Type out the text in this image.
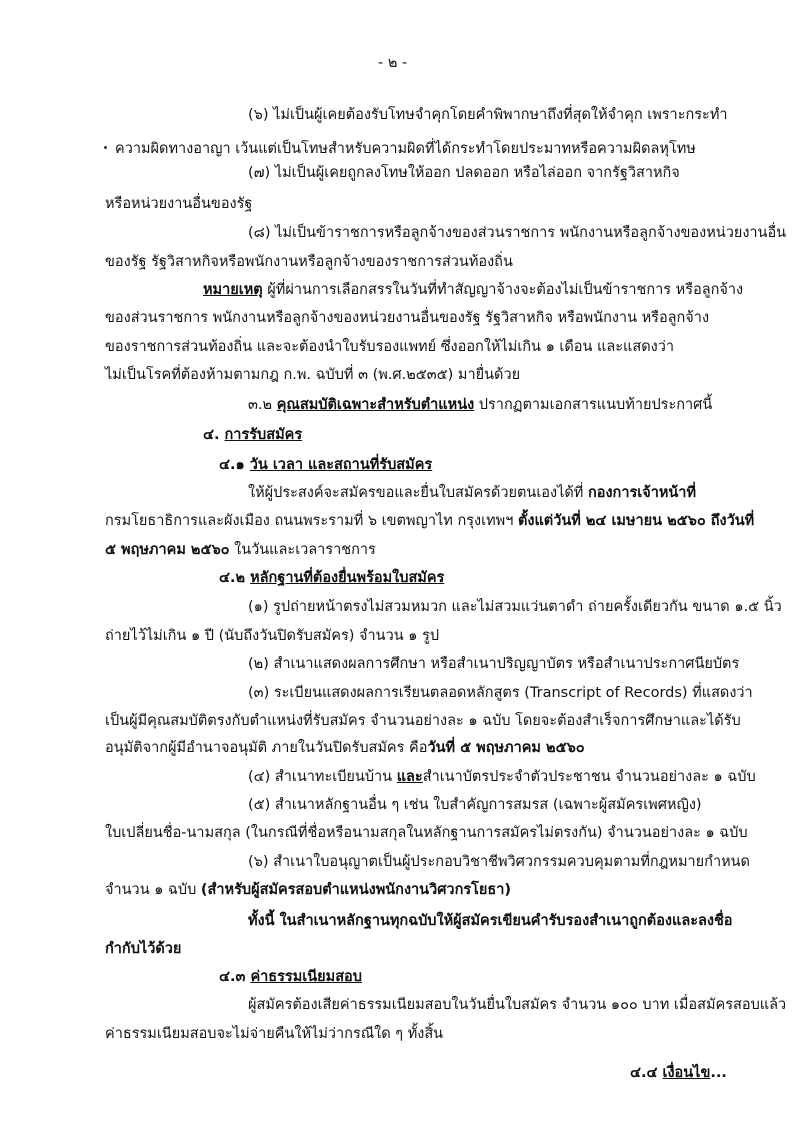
- ๒ -
(๖) ไม่เป็นผู้เคยต้องรับโทษจำคุกโดยคำพิพากษาถึงที่สุดให้จำคุก เพราะกระทำ
ความผิดทางอาญา เว้นแต่เป็นโทษสำหรับความผิดที่ได้กระทำโดยประมาทหรือความผิดลหุโทษ
(๗) ไม่เป็นผู้เคยถูกลงโทษให้ออก ปลดออก หรือไล่ออก จากรัฐวิสาหกิจ
หรือหน่วยงานอื่นของรัฐ
(๘) ไม่เป็นข้าราชการหรือลูกจ้างของส่วนราชการ พนักงานหรือลูกจ้างของหน่วยงานอื่น
ของรัฐ รัฐวิสาหกิจหรือพนักงานหรือลูกจ้างของราชการส่วนท้องถิ่น
หมายเหตุ ผู้ที่ผ่านการเลือกสรรในวันที่ทำสัญญาจ้างจะต้องไม่เป็นข้าราชการ หรือลูกจ้าง
ของส่วนราชการ พนักงานหรือลูกจ้างของหน่วยงานอื่นของรัฐ รัฐวิสาหกิจ หรือพนักงาน หรือลูกจ้าง
ของราชการส่วนท้องถิ่น และจะต้องนำใบรับรองแพทย์ ซึ่งออกให้ไม่เกิน ๑ เดือน และแสดงว่า
ไม่เป็นโรคที่ต้องห้ามตามกฎ ก.พ. ฉบับที่ ๓ (พ.ศ.๒๕๓๕) มายื่นด้วย
๓.๒ คุณสมบัติเฉพาะสำหรับตำแหน่ง ปรากฏตามเอกสารแนบท้ายประกาศนี้
๔. การรับสมัคร
๔.๑ วัน เวลา และสถานที่รับสมัคร
ให้ผู้ประสงค์จะสมัครขอและยื่นใบสมัครด้วยตนเองได้ที่ กองการเจ้าหน้าที่
กรมโยธาธิการและผังเมือง ถนนพระรามที่ ๖ เขตพญาไท กรุงเทพฯ ตั้งแต่วันที่ ๒๔ เมษายน ๒๕๖๐ ถึงวันที่
๕ พฤษภาคม ๒๕๖๐ ในวันและเวลาราชการ
๔.๒ หลักฐานที่ต้องยื่นพร้อมใบสมัคร
(๑) รูปถ่ายหน้าตรงไม่สวมหมวก และไม่สวมแว่นตาดำ ถ่ายครั้งเดียวกัน ขนาด ๑.๕ นิ้ว
ถ่ายไว้ไม่เกิน ๑ ปี (นับถึงวันปิดรับสมัคร) จำนวน ๑ รูป
(๒) สำเนาแสดงผลการศึกษา หรือสำเนาปริญญาบัตร หรือสำเนาประกาศนียบัตร
(๓) ระเบียนแสดงผลการเรียนตลอดหลักสูตร (Transcript of Records) ที่แสดงว่า
เป็นผู้มีคุณสมบัติตรงกับตำแหน่งที่รับสมัคร จำนวนอย่างละ ๑ ฉบับ โดยจะต้องสำเร็จการศึกษาและได้รับ
อนุมัติจากผู้มีอำนาจอนุมัติ ภายในวันปิดรับสมัคร คือวันที่ ๕ พฤษภาคม ๒๕๖๐
(๔) สำเนาทะเบียนบ้าน และสำเนาบัตรประจำตัวประชาชน จำนวนอย่างละ ๑ ฉบับ
(๕) สำเนาหลักฐานอื่น ๆ เช่น ใบสำคัญการสมรส (เฉพาะผู้สมัครเพศหญิง)
ใบเปลี่ยนชื่อ-นามสกุล (ในกรณีที่ชื่อหรือนามสกุลในหลักฐานการสมัครไม่ตรงกัน) จำนวนอย่างละ ๑ ฉบับ
(๖) สำเนาใบอนุญาตเป็นผู้ประกอบวิชาชีพวิศวกรรมควบคุมตามที่กฎหมายกำหนด
จำนวน ๑ ฉบับ (สำหรับผู้สมัครสอบตำแหน่งพนักงานวิศวกรโยธา)
ทั้งนี้ ในสำเนาหลักฐานทุกฉบับให้ผู้สมัครเขียนคำรับรองสำเนาถูกต้องและลงชื่อ
กำกับไว้ด้วย
๔.๓ ค่าธรรมเนียมสอบ
ผู้สมัครต้องเสียค่าธรรมเนียมสอบในวันยื่นใบสมัคร จำนวน ๑๐๐ บาท เมื่อสมัครสอบแล้ว
ค่าธรรมเนียมสอบจะไม่จ่ายคืนให้ไม่ว่ากรณีใด ๆ ทั้งสิ้น
๔.๔ เงื่อนไข...
